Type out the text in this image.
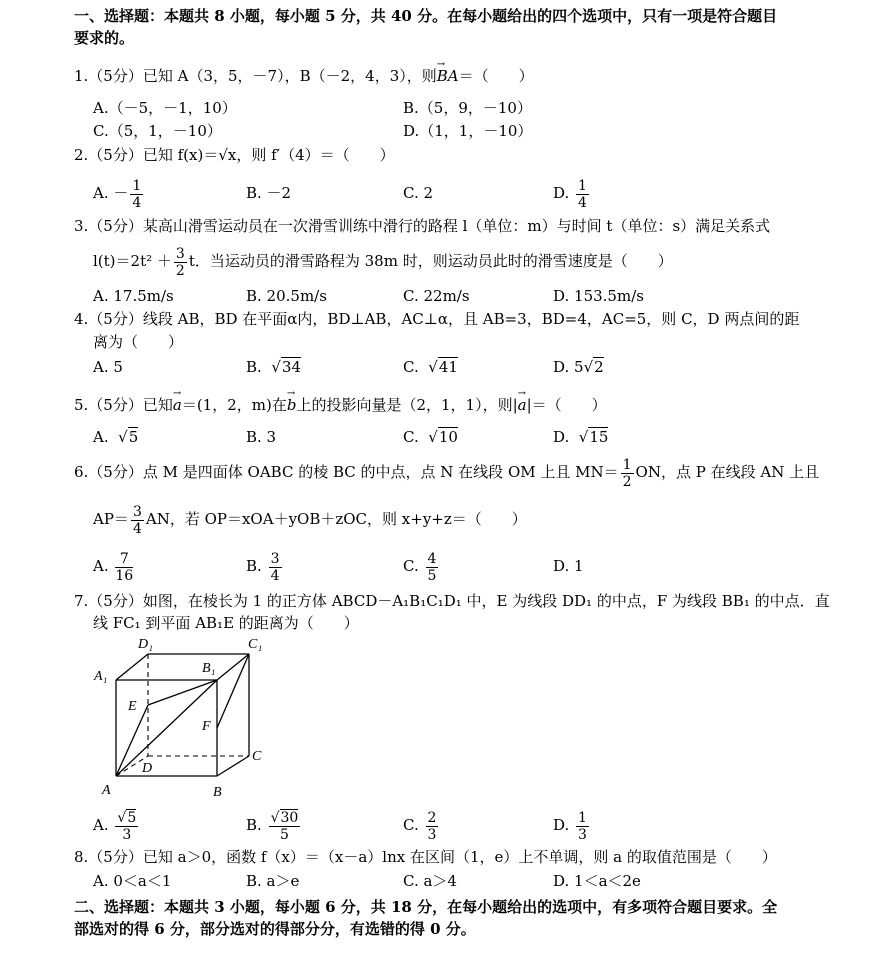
一、选择题：本题共 8 小题，每小题 5 分，共 40 分。在每小题给出的四个选项中，只有一项是符合题目
要求的。
1.（5分）已知 A（3，5，－7），B（－2，4，3），则→ BA＝（　　）
A.（－5，－1，10）	B.（5，9，－10）
C.（5，1，－10）	D.（1，1，－10）
2.（5分）已知 f(x)＝√x，则 f′（4）＝（　　）
A. － $\frac{1}{4}$	B. －2	C. 2	D. $\frac{1}{4}$
3.（5分）某高山滑雪运动员在一次滑雪训练中滑行的路程 l（单位：m）与时间 t（单位：s）满足关系式
$l(t)=2t^2 + \frac{3}{2}$ t．当运动员的滑雪路程为 38m 时，则运动员此时的滑雪速度是（　　）
A. 17.5m/s	B. 20.5m/s	C. 22m/s	D. 153.5m/s
4.（5分）线段 AB，BD 在平面α内，BD⊥AB，AC⊥α，且 AB=3，BD=4，AC=5，则 C，D 两点间的距
离为（　　）
A. 5	B.  √34	C.  √41	D. 5√2
5.（5分）已知→ a＝(1，2，m)在→ b上的投影向量是（2，1，1），则|→ a|＝（　　）
A.  √5	B. 3	C.  √10	D.  √15
6.（5分）点 M 是四面体 OABC 的棱 BC 的中点，点 N 在线段 OM 上且 $MN= \frac{1}{2}$ ON，点 P 在线段 AN 上且
$AP= \frac{3}{4}$ AN，若 OP＝xOA＋yOB＋zOC，则 x+y+z＝（　　）
A. $\frac{7}{16}$	B. $\frac{3}{4}$	C. $\frac{4}{5}$	D. 1
7.（5分）如图，在棱长为 1 的正方体 ABCD－A₁B₁C₁D₁ 中，E 为线段 DD₁ 的中点，F 为线段 BB₁ 的中点．直
线 FC₁ 到平面 AB₁E 的距离为（　　）
D₁	C₁
A₁
B₁
E
F
D
C
A	B
A. $\frac{√5}{3}$	B. $\frac{√30}{5}$	C. $\frac{2}{3}$	D. $\frac{1}{3}$
8.（5分）已知 a＞0，函数 f（x）＝（x－a）lnx 在区间（1，e）上不单调，则 a 的取值范围是（　　）
A. 0＜a＜1	B. a＞e	C. a＞4	D. 1＜a＜2e
二、选择题：本题共 3 小题，每小题 6 分，共 18 分，在每小题给出的选项中，有多项符合题目要求。全
部选对的得 6 分，部分选对的得部分分，有选错的得 0 分。
